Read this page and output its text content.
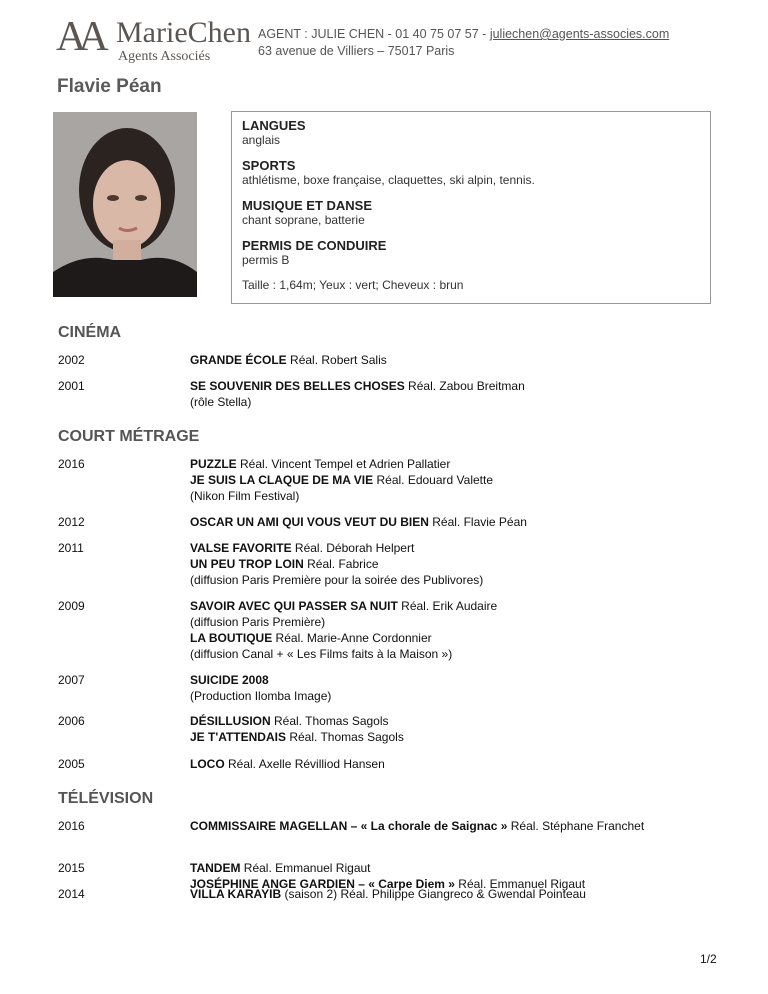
AA MarieChen
Agents Associés
AGENT : JULIE CHEN - 01 40 75 07 57 - juliechen@agents-associes.com
63 avenue de Villiers – 75017 Paris
Flavie Péan
LANGUES
anglais
SPORTS
athlétisme, boxe française, claquettes, ski alpin, tennis.
MUSIQUE ET DANSE
chant soprane, batterie
PERMIS DE CONDUIRE
permis B
Taille : 1,64m; Yeux : vert; Cheveux : brun
CINÉMA
COURT MÉTRAGE
TÉLÉVISION
2002	GRANDE ÉCOLE Réal. Robert Salis
2001	SE SOUVENIR DES BELLES CHOSES Réal. Zabou Breitman
(rôle Stella)
2016	PUZZLE Réal. Vincent Tempel et Adrien Pallatier
JE SUIS LA CLAQUE DE MA VIE Réal. Edouard Valette
(Nikon Film Festival)
2012	OSCAR UN AMI QUI VOUS VEUT DU BIEN Réal. Flavie Péan
2011	VALSE FAVORITE Réal. Déborah Helpert
UN PEU TROP LOIN Réal. Fabrice
(diffusion Paris Première pour la soirée des Publivores)
2009	SAVOIR AVEC QUI PASSER SA NUIT Réal. Erik Audaire
(diffusion Paris Première)
LA BOUTIQUE Réal. Marie-Anne Cordonnier
(diffusion Canal + « Les Films faits à la Maison »)
2007	SUICIDE 2008
(Production Ilomba Image)
2006	DÉSILLUSION Réal. Thomas Sagols
JE T'ATTENDAIS Réal. Thomas Sagols
2005	LOCO Réal. Axelle Révilliod Hansen
2016	COMMISSAIRE MAGELLAN – « La chorale de Saignac » Réal. Stéphane Franchet
2015	TANDEM Réal. Emmanuel Rigaut
JOSÉPHINE ANGE GARDIEN – « Carpe Diem » Réal. Emmanuel Rigaut
2014	VILLA KARAYIB (saison 2) Réal. Philippe Giangreco & Gwendal Pointeau
1/2
